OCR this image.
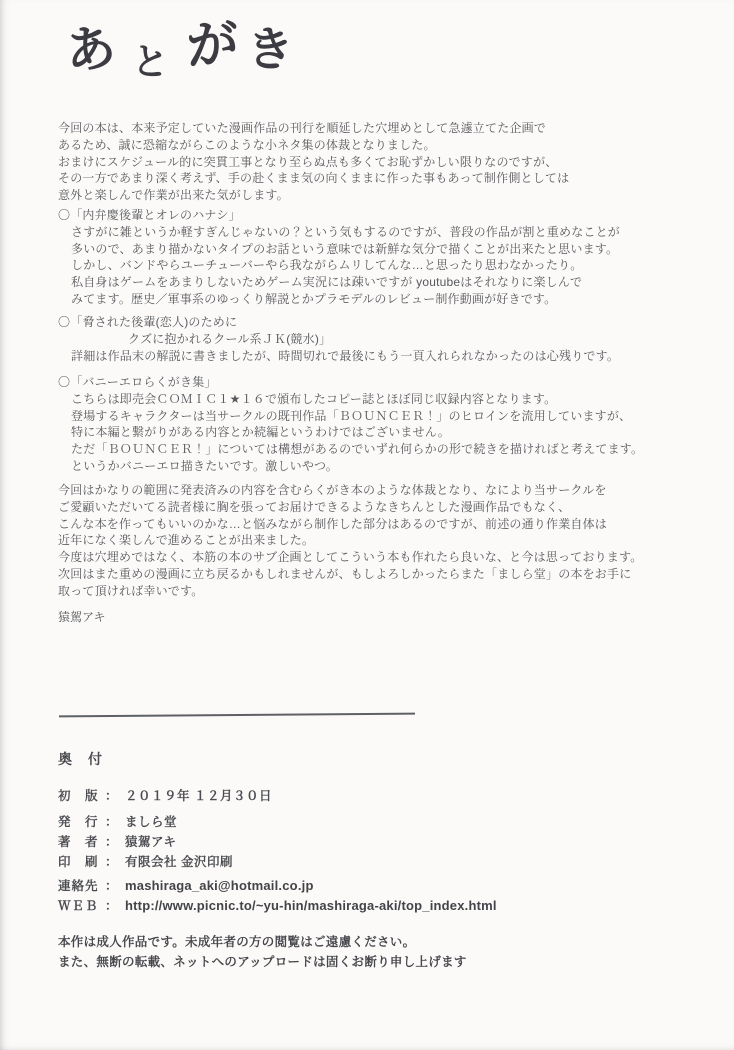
あ と が き
今回の本は、本来予定していた漫画作品の刊行を順延した穴埋めとして急遽立てた企画で
あるため、誠に恐縮ながらこのような小ネタ集の体裁となりました。
おまけにスケジュール的に突貫工事となり至らぬ点も多くてお恥ずかしい限りなのですが、
その一方であまり深く考えず、手の赴くまま気の向くままに作った事もあって制作側としては
意外と楽しんで作業が出来た気がします。
〇「内弁慶後輩とオレのハナシ」
さすがに雑というか軽すぎんじゃないの？という気もするのですが、普段の作品が割と重めなことが
多いので、あまり描かないタイプのお話という意味では新鮮な気分で描くことが出来たと思います。
しかし、バンドやらユーチューバーやら我ながらムリしてんな…と思ったり思わなかったり。
私自身はゲームをあまりしないためゲーム実況には疎いですが youtubeはそれなりに楽しんで
みてます。歴史／軍事系のゆっくり解説とかプラモデルのレビュー制作動画が好きです。
〇「脅された後輩(恋人)のために
クズに抱かれるクール系ＪＫ(競水)」
詳細は作品末の解説に書きましたが、時間切れで最後にもう一頁入れられなかったのは心残りです。
〇「バニーエロらくがき集」
こちらは即売会ＣＯＭＩＣ１★１６で頒布したコピー誌とほぼ同じ収録内容となります。
登場するキャラクターは当サークルの既刊作品「ＢＯＵＮＣＥＲ！」のヒロインを流用していますが、
特に本編と繋がりがある内容とか続編というわけではございません。
ただ「ＢＯＵＮＣＥＲ！」については構想があるのでいずれ何らかの形で続きを描ければと考えてます。
というかバニーエロ描きたいです。激しいやつ。
今回はかなりの範囲に発表済みの内容を含むらくがき本のような体裁となり、なにより当サークルを
ご愛顧いただいてる読者様に胸を張ってお届けできるようなきちんとした漫画作品でもなく、
こんな本を作ってもいいのかな…と悩みながら制作した部分はあるのですが、前述の通り作業自体は
近年になく楽しんで進めることが出来ました。
今度は穴埋めではなく、本筋の本のサブ企画としてこういう本も作れたら良いな、と今は思っております。
次回はまた重めの漫画に立ち戻るかもしれませんが、もしよろしかったらまた「ましら堂」の本をお手に
取って頂ければ幸いです。
猿駕アキ
奥　付
初　版 ： ２０１９年 １２月３０日
発　行 ： ましら堂
著　者 ： 猿駕アキ
印　刷 ： 有限会社 金沢印刷
連絡先 ： mashiraga_aki@hotmail.co.jp
ＷＥＢ ： http://www.picnic.to/~yu-hin/mashiraga-aki/top_index.html
本作は成人作品です。未成年者の方の閲覧はご遠慮ください。
また、無断の転載、ネットへのアップロードは固くお断り申し上げます
